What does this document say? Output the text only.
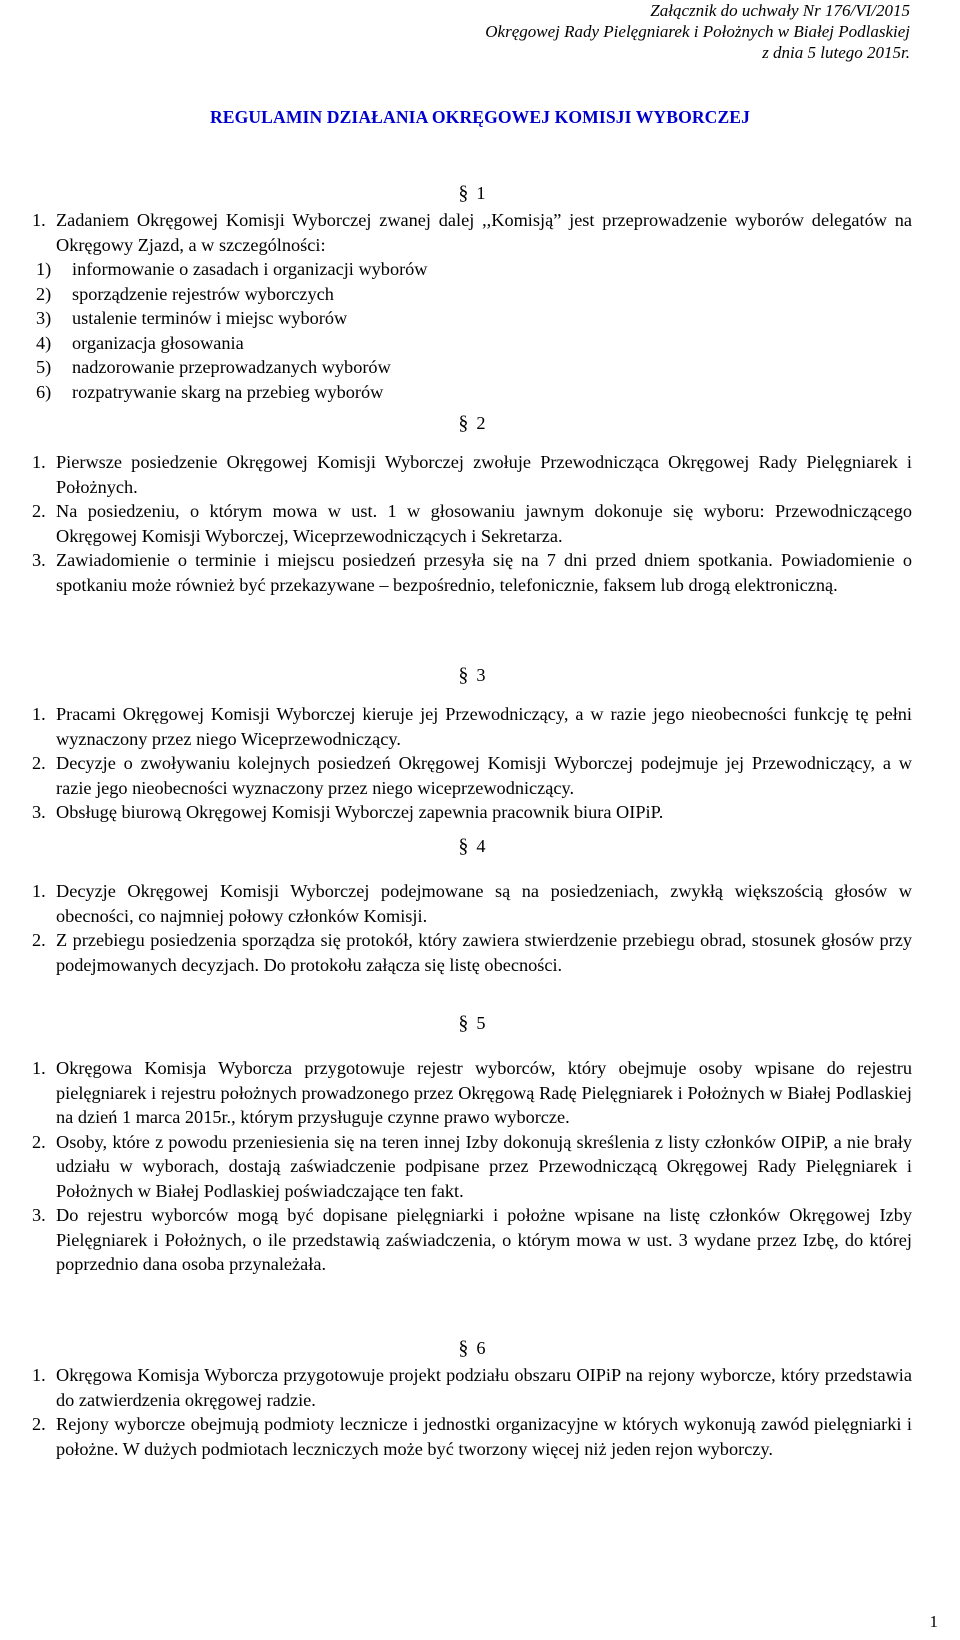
Załącznik do uchwały Nr 176/VI/2015
Okręgowej Rady Pielęgniarek i Położnych w Białej Podlaskiej
z dnia 5 lutego 2015r.
REGULAMIN DZIAŁANIA OKRĘGOWEJ KOMISJI WYBORCZEJ
§ 1
1. Zadaniem Okręgowej Komisji Wyborczej zwanej dalej ,,Komisją” jest przeprowadzenie wyborów delegatów na Okręgowy Zjazd, a w szczególności:
1)	informowanie o zasadach i organizacji wyborów
2)	sporządzenie rejestrów wyborczych
3)	ustalenie terminów i miejsc wyborów
4)	organizacja głosowania
5)	nadzorowanie przeprowadzanych wyborów
6)	rozpatrywanie skarg na przebieg wyborów
§ 2
1. Pierwsze posiedzenie Okręgowej Komisji Wyborczej zwołuje Przewodnicząca Okręgowej Rady Pielęgniarek i Położnych.
2. Na posiedzeniu, o którym mowa w ust. 1 w głosowaniu jawnym dokonuje się wyboru: Przewodniczącego Okręgowej Komisji Wyborczej, Wiceprzewodniczących i Sekretarza.
3. Zawiadomienie o terminie i miejscu posiedzeń przesyła się na 7 dni przed dniem spotkania. Powiadomienie o spotkaniu może również być przekazywane – bezpośrednio, telefonicznie, faksem lub drogą elektroniczną.
§ 3
1. Pracami Okręgowej Komisji Wyborczej kieruje jej Przewodniczący, a w razie jego nieobecności funkcję tę pełni wyznaczony przez niego Wiceprzewodniczący.
2. Decyzje o zwoływaniu kolejnych posiedzeń Okręgowej Komisji Wyborczej podejmuje jej Przewodniczący, a w razie jego nieobecności wyznaczony przez niego wiceprzewodniczący.
3. Obsługę biurową Okręgowej Komisji Wyborczej zapewnia pracownik biura OIPiP.
§ 4
1. Decyzje Okręgowej Komisji Wyborczej podejmowane są na posiedzeniach, zwykłą większością głosów w obecności, co najmniej połowy członków Komisji.
2. Z przebiegu posiedzenia sporządza się protokół, który zawiera stwierdzenie przebiegu obrad, stosunek głosów przy podejmowanych decyzjach. Do protokołu załącza się listę obecności.
§ 5
1. Okręgowa Komisja Wyborcza przygotowuje rejestr wyborców, który obejmuje osoby wpisane do rejestru pielęgniarek i rejestru położnych prowadzonego przez Okręgową Radę Pielęgniarek i Położnych w Białej Podlaskiej na dzień 1 marca 2015r., którym przysługuje czynne prawo wyborcze.
2. Osoby, które z powodu przeniesienia się na teren innej Izby dokonują skreślenia z listy członków OIPiP, a nie brały udziału w wyborach, dostają zaświadczenie podpisane przez Przewodniczącą Okręgowej Rady Pielęgniarek i Położnych w Białej Podlaskiej poświadczające ten fakt.
3. Do rejestru wyborców mogą być dopisane pielęgniarki i położne wpisane na listę członków Okręgowej Izby Pielęgniarek i Położnych, o ile przedstawią zaświadczenia, o którym mowa w ust. 3 wydane przez Izbę, do której poprzednio dana osoba przynależała.
§ 6
1. Okręgowa Komisja Wyborcza przygotowuje projekt podziału obszaru OIPiP na rejony wyborcze, który przedstawia do zatwierdzenia okręgowej radzie.
2. Rejony wyborcze obejmują podmioty lecznicze i jednostki organizacyjne w których wykonują zawód pielęgniarki i położne. W dużych podmiotach leczniczych może być tworzony więcej niż jeden rejon wyborczy.
1
